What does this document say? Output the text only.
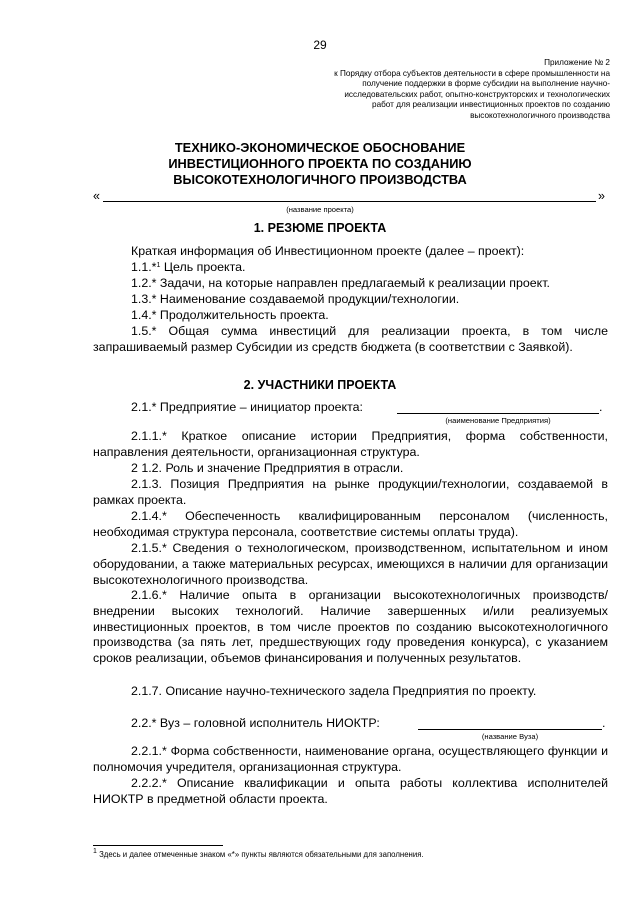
29
Приложение № 2
к Порядку отбора субъектов деятельности в сфере промышленности на
получение поддержки в форме субсидии на выполнение научно-
исследовательских работ, опытно-конструкторских и технологических
работ для реализации инвестиционных проектов по созданию
высокотехнологичного производства
ТЕХНИКО-ЭКОНОМИЧЕСКОЕ ОБОСНОВАНИЕ
ИНВЕСТИЦИОННОГО ПРОЕКТА ПО СОЗДАНИЮ
ВЫСОКОТЕХНОЛОГИЧНОГО ПРОИЗВОДСТВА
«	»
(название проекта)
1. РЕЗЮМЕ ПРОЕКТА
Краткая информация об Инвестиционном проекте (далее – проект):
1.1.*$^1$ Цель проекта.
1.2.* Задачи, на которые направлен предлагаемый к реализации проект.
1.3.* Наименование создаваемой продукции/технологии.
1.4.* Продолжительность проекта.
1.5.* Общая сумма инвестиций для реализации проекта, в том числе запрашиваемый размер Субсидии из средств бюджета (в соответствии с Заявкой).
2. УЧАСТНИКИ ПРОЕКТА
2.1.* Предприятие – инициатор проекта:	.
(наименование Предприятия)
2.1.1.* Краткое описание истории Предприятия, форма собственности, направления деятельности, организационная структура.
2 1.2. Роль и значение Предприятия в отрасли.
2.1.3. Позиция Предприятия на рынке продукции/технологии, создаваемой в рамках проекта.
2.1.4.* Обеспеченность квалифицированным персоналом (численность, необходимая структура персонала, соответствие системы оплаты труда).
2.1.5.* Сведения о технологическом, производственном, испытательном и ином оборудовании, а также материальных ресурсах, имеющихся в наличии для организации высокотехнологичного производства.
2.1.6.* Наличие опыта в организации высокотехнологичных производств/внедрении высоких технологий. Наличие завершенных и/или реализуемых инвестиционных проектов, в том числе проектов по созданию высокотехнологичного производства (за пять лет, предшествующих году проведения конкурса), с указанием сроков реализации, объемов финансирования и полученных результатов.
2.1.7. Описание научно-технического задела Предприятия по проекту.
2.2.* Вуз – головной исполнитель НИОКТР:	.
(название Вуза)
2.2.1.* Форма собственности, наименование органа, осуществляющего функции и полномочия учредителя, организационная структура.
2.2.2.* Описание квалификации и опыта работы коллектива исполнителей НИОКТР в предметной области проекта.
$^1$ Здесь и далее отмеченные знаком «*» пункты являются обязательными для заполнения.
